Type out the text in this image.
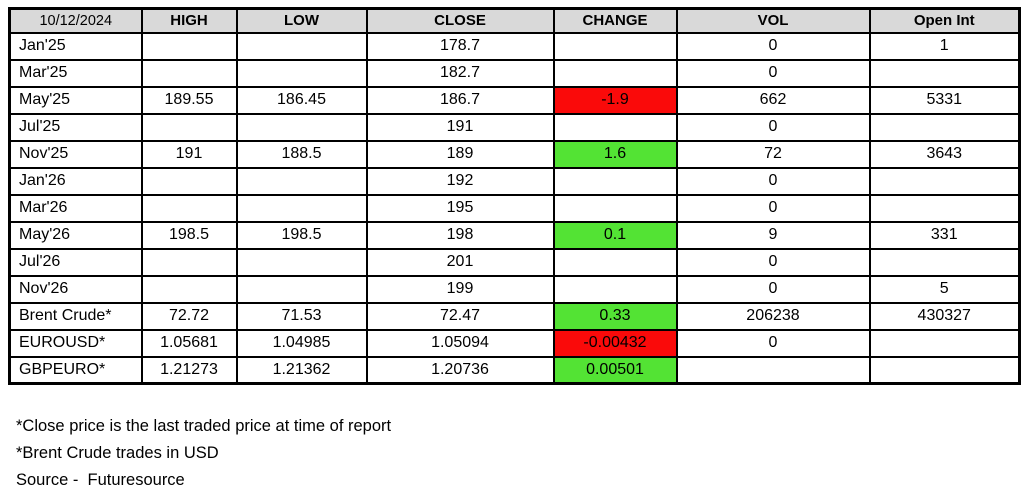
10/12/2024	HIGH	LOW	CLOSE	CHANGE	VOL	Open Int
Jan'25			178.7		0	1
Mar'25			182.7		0	
May'25	189.55	186.45	186.7	-1.9	662	5331
Jul'25			191		0	
Nov'25	191	188.5	189	1.6	72	3643
Jan'26			192		0	
Mar'26			195		0	
May'26	198.5	198.5	198	0.1	9	331
Jul'26			201		0	
Nov'26			199		0	5
Brent Crude*	72.72	71.53	72.47	0.33	206238	430327
EUROUSD*	1.05681	1.04985	1.05094	-0.00432	0	
GBPEURO*	1.21273	1.21362	1.20736	0.00501		
*Close price is the last traded price at time of report
*Brent Crude trades in USD
Source -  Futuresource
